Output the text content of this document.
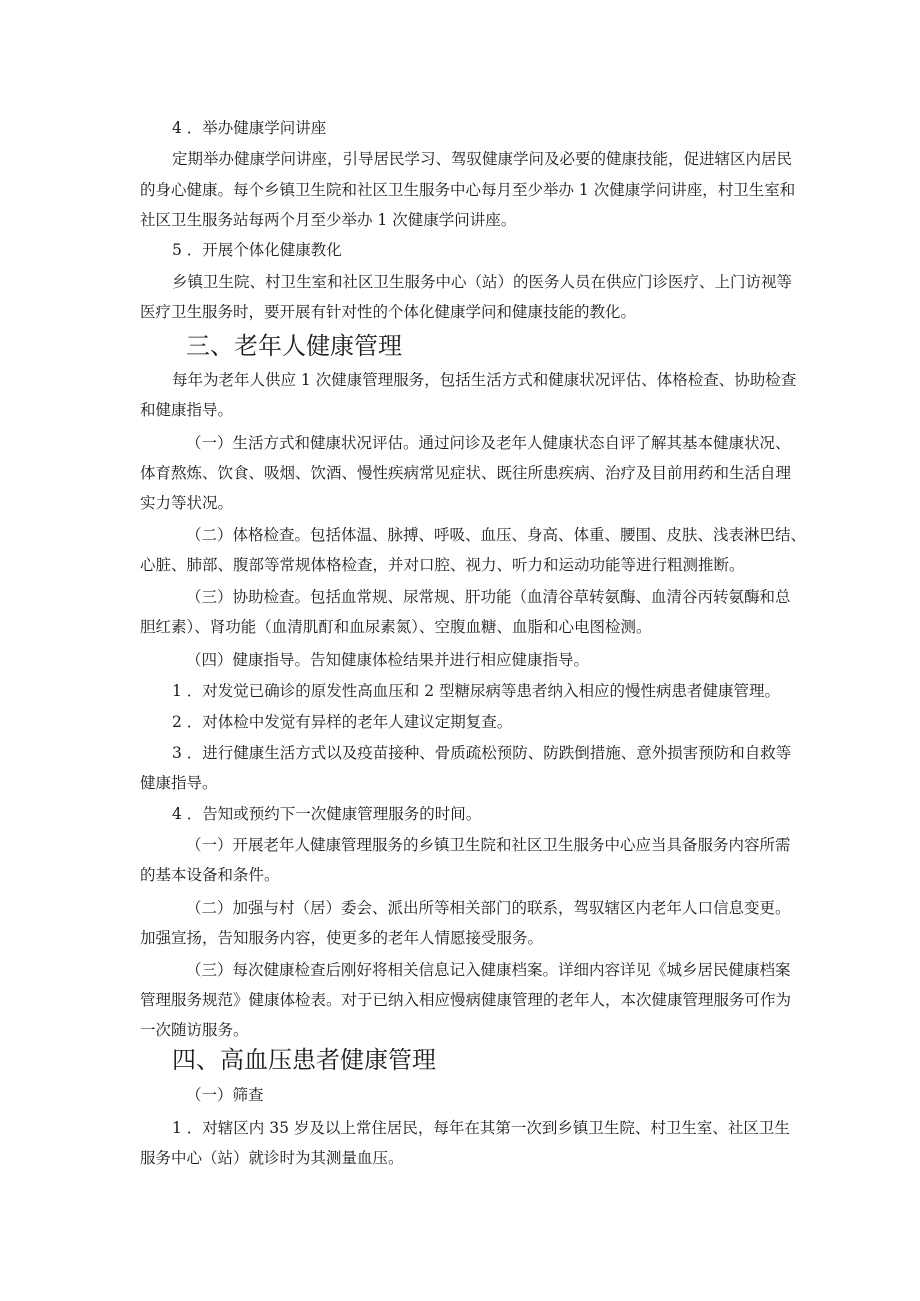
4 ．举办健康学问讲座
定期举办健康学问讲座，引导居民学习、驾驭健康学问及必要的健康技能，促进辖区内居民
的身心健康。每个乡镇卫生院和社区卫生服务中心每月至少举办 1 次健康学问讲座，村卫生室和
社区卫生服务站每两个月至少举办 1 次健康学问讲座。
5 ．开展个体化健康教化
乡镇卫生院、村卫生室和社区卫生服务中心（站）的医务人员在供应门诊医疗、上门访视等
医疗卫生服务时，要开展有针对性的个体化健康学问和健康技能的教化。
三、老年人健康管理
每年为老年人供应 1 次健康管理服务，包括生活方式和健康状况评估、体格检查、协助检查
和健康指导。
（一）生活方式和健康状况评估。通过问诊及老年人健康状态自评了解其基本健康状况、
体育熬炼、饮食、吸烟、饮酒、慢性疾病常见症状、既往所患疾病、治疗及目前用药和生活自理
实力等状况。
（二）体格检查。包括体温、脉搏、呼吸、血压、身高、体重、腰围、皮肤、浅表淋巴结、
心脏、肺部、腹部等常规体格检查，并对口腔、视力、听力和运动功能等进行粗测推断。
（三）协助检查。包括血常规、尿常规、肝功能（血清谷草转氨酶、血清谷丙转氨酶和总
胆红素）、肾功能（血清肌酊和血尿素氮）、空腹血糖、血脂和心电图检测。
（四）健康指导。告知健康体检结果并进行相应健康指导。
1 ．对发觉已确诊的原发性高血压和 2 型糖尿病等患者纳入相应的慢性病患者健康管理。
2 ．对体检中发觉有异样的老年人建议定期复查。
3 ．进行健康生活方式以及疫苗接种、骨质疏松预防、防跌倒措施、意外损害预防和自救等
健康指导。
4 ．告知或预约下一次健康管理服务的时间。
（一）开展老年人健康管理服务的乡镇卫生院和社区卫生服务中心应当具备服务内容所需
的基本设备和条件。
（二）加强与村（居）委会、派出所等相关部门的联系，驾驭辖区内老年人口信息变更。
加强宣扬，告知服务内容，使更多的老年人情愿接受服务。
（三）每次健康检查后刚好将相关信息记入健康档案。详细内容详见《城乡居民健康档案
管理服务规范》健康体检表。对于已纳入相应慢病健康管理的老年人，本次健康管理服务可作为
一次随访服务。
四、高血压患者健康管理
（一）筛查
1 ．对辖区内 35 岁及以上常住居民，每年在其第一次到乡镇卫生院、村卫生室、社区卫生
服务中心（站）就诊时为其测量血压。
